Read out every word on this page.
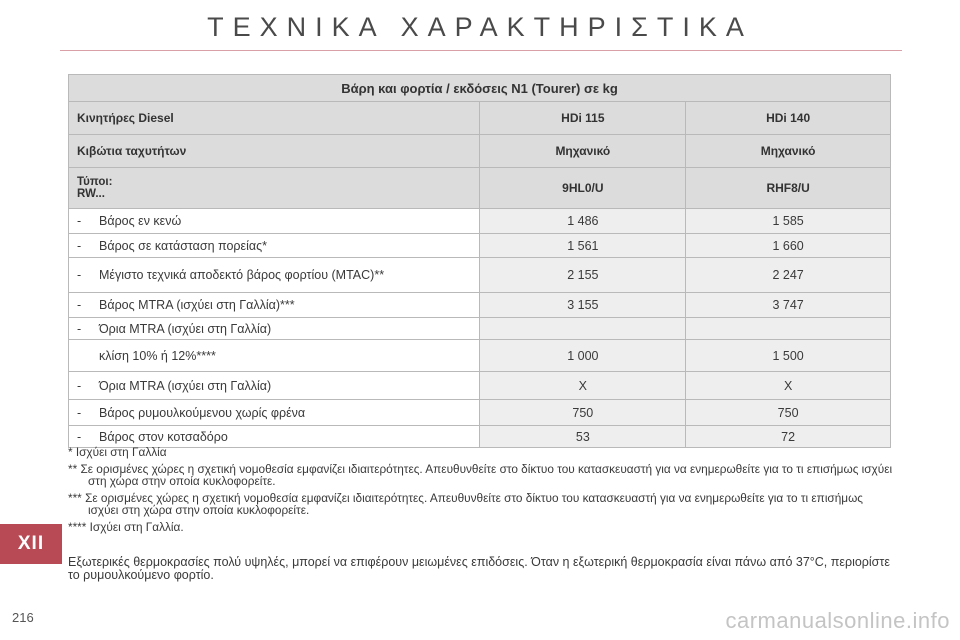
ΤΕΧΝΙΚΑ ΧΑΡΑΚΤΗΡΙΣΤΙΚΑ
Βάρη και φορτία / εκδόσεις N1 (Tourer) σε kg		
Κινητήρες Diesel	HDi 115	HDi 140
Κιβώτια ταχυτήτων	Μηχανικό	Μηχανικό

Τύποι:
RW...	9HL0/U	RHF8/U
- Βάρος εν κενώ	1 486	1 585
- Βάρος σε κατάσταση πορείας*	1 561	1 660
- Μέγιστο τεχνικά αποδεκτό βάρος φορτίου (MTAC)**	2 155	2 247
- Βάρος MTRA (ισχύει στη Γαλλία)***	3 155	3 747
- Όρια MTRA (ισχύει στη Γαλλία)		
κλίση 10% ή 12%****	1 000	1 500
- Όρια MTRA (ισχύει στη Γαλλία)	X	X
- Βάρος ρυμουλκούμενου χωρίς φρένα	750	750
- Βάρος στον κοτσαδόρο	53	72
* Ισχύει στη Γαλλία
** Σε ορισμένες χώρες η σχετική νομοθεσία εμφανίζει ιδιαιτερότητες. Απευθυνθείτε στο δίκτυο του κατασκευαστή για να ενημερωθείτε για το τι επισήμως ισχύει στη χώρα στην οποία κυκλοφορείτε.
*** Σε ορισμένες χώρες η σχετική νομοθεσία εμφανίζει ιδιαιτερότητες. Απευθυνθείτε στο δίκτυο του κατασκευαστή για να ενημερωθείτε για το τι επισήμως ισχύει στη χώρα στην οποία κυκλοφορείτε.
**** Ισχύει στη Γαλλία.
Εξωτερικές θερμοκρασίες πολύ υψηλές, μπορεί να επιφέρουν μειωμένες επιδόσεις. Όταν η εξωτερική θερμοκρασία είναι πάνω από 37°C, περιορίστε το ρυμουλκούμενο φορτίο.
XII
216	carmanualsonline.info
